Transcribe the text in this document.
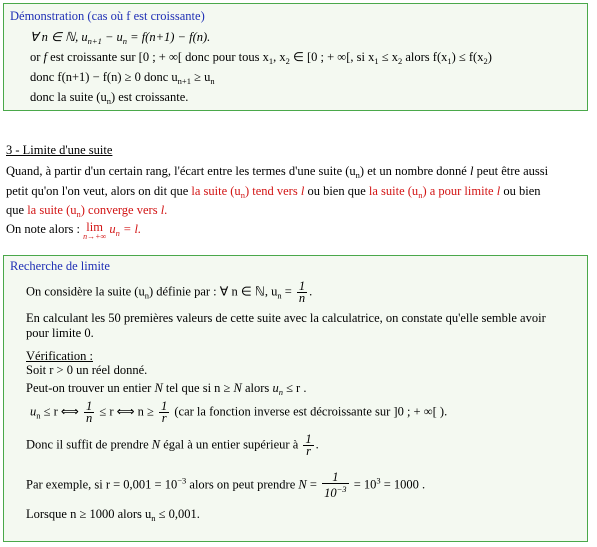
Démonstration (cas où f est croissante)
∀ n ∈ ℕ, $u_{n+1} - u_n = f(n+1) - f(n)$.
or f est croissante sur [0 ; + ∞[ donc pour tous $x_1$, $x_2$ ∈ [0 ; + ∞[, si $x_1 \le x_2$ alors $f(x_1) \le f(x_2)$
donc f(n+1) − f(n) ≥ 0 donc $u_{n+1} \ge u_n$
donc la suite $(u_n)$ est croissante.
3 - Limite d'une suite
Quand, à partir d'un certain rang, l'écart entre les termes d'une suite $(u_n)$ et un nombre donné l peut être aussi
petit qu'on l'on veut, alors on dit que la suite $(u_n)$ tend vers l ou bien que la suite $(u_n)$ a pour limite l ou bien
que la suite $(u_n)$ converge vers l.
On note alors : lim
n→+∞
$u_n = l$.
Recherche de limite
On considère la suite $(u_n)$ définie par : ∀ n ∈ ℕ, $u_n = \frac{1}{n}$ .
En calculant les 50 premières valeurs de cette suite avec la calculatrice, on constate qu'elle semble avoir
pour limite 0.
Vérification :
Soit r > 0 un réel donné.
Peut-on trouver un entier N tel que si n ≥ N alors $u_n \le r$ .
$u_n \le r$ ⟺ $\frac{1}{n} \le r$ ⟺ $n \ge \frac{1}{r} (car$ la fonction inverse est décroissante sur ]0 ; + ∞[ ).
Donc il suffit de prendre N égal à un entier supérieur à $\frac{1}{r}$ .
Par exemple, si $r = 0,001 = 10^{-3}$ alors on peut prendre $N = \frac{1}{10^{-3}} = 10^3 = 1000$ .
Lorsque n ≥ 1000 alors $u_n \le 0,001$.
